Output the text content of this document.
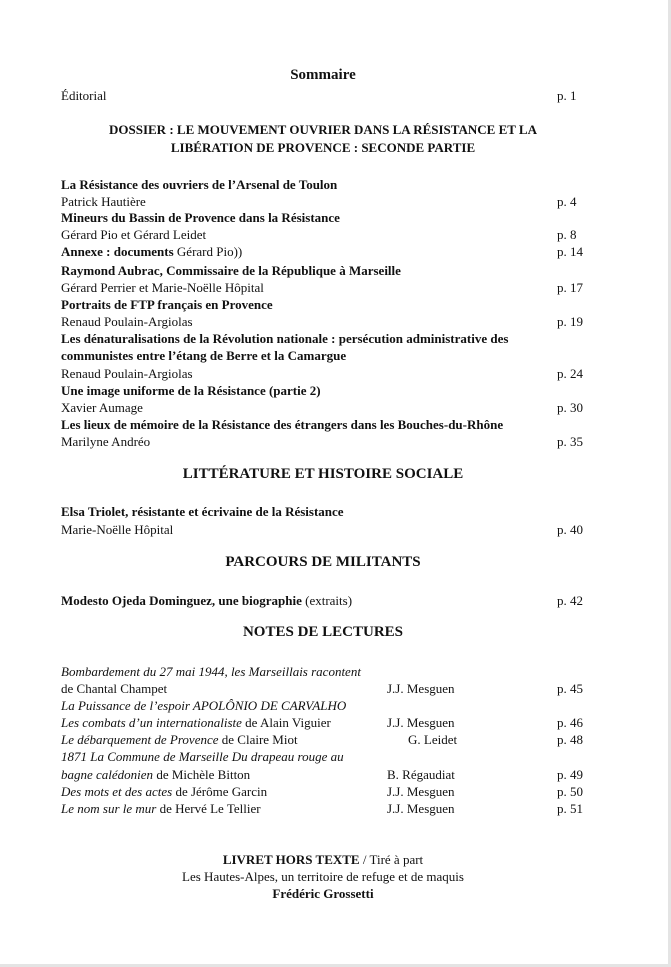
Sommaire
Éditorial	p. 1
DOSSIER : LE MOUVEMENT OUVRIER DANS LA RÉSISTANCE ET LA
LIBÉRATION DE PROVENCE : SECONDE PARTIE
La Résistance des ouvriers de l’Arsenal de Toulon
Patrick Hautière	p. 4
Mineurs du Bassin de Provence dans la Résistance
Gérard Pio et Gérard Leidet	p. 8
Annexe : documents Gérard Pio))	p. 14
Raymond Aubrac, Commissaire de la République à Marseille
Gérard Perrier et Marie-Noëlle Hôpital	p. 17
Portraits de FTP français en Provence
Renaud Poulain-Argiolas	p. 19
Les dénaturalisations de la Révolution nationale : persécution administrative des
communistes entre l’étang de Berre et la Camargue
Renaud Poulain-Argiolas	p. 24
Une image uniforme de la Résistance (partie 2)
Xavier Aumage	p. 30
Les lieux de mémoire de la Résistance des étrangers dans les Bouches-du-Rhône
Marilyne Andréo	p. 35
LITTÉRATURE ET HISTOIRE SOCIALE
Elsa Triolet, résistante et écrivaine de la Résistance
Marie-Noëlle Hôpital	p. 40
PARCOURS DE MILITANTS
Modesto Ojeda Dominguez, une biographie (extraits)	p. 42
NOTES DE LECTURES
Bombardement du 27 mai 1944, les Marseillais racontent
de Chantal Champet	J.J. Mesguen	p. 45
La Puissance de l’espoir APOLÔNIO DE CARVALHO
Les combats d’un internationaliste de Alain Viguier	J.J. Mesguen	p. 46
Le débarquement de Provence de Claire Miot	G. Leidet	p. 48
1871 La Commune de Marseille Du drapeau rouge au
bagne calédonien de Michèle Bitton	B. Régaudiat	p. 49
Des mots et des actes de Jérôme Garcin	J.J. Mesguen	p. 50
Le nom sur le mur de Hervé Le Tellier	J.J. Mesguen	p. 51
LIVRET HORS TEXTE / Tiré à part
Les Hautes-Alpes, un territoire de refuge et de maquis
Frédéric Grossetti
